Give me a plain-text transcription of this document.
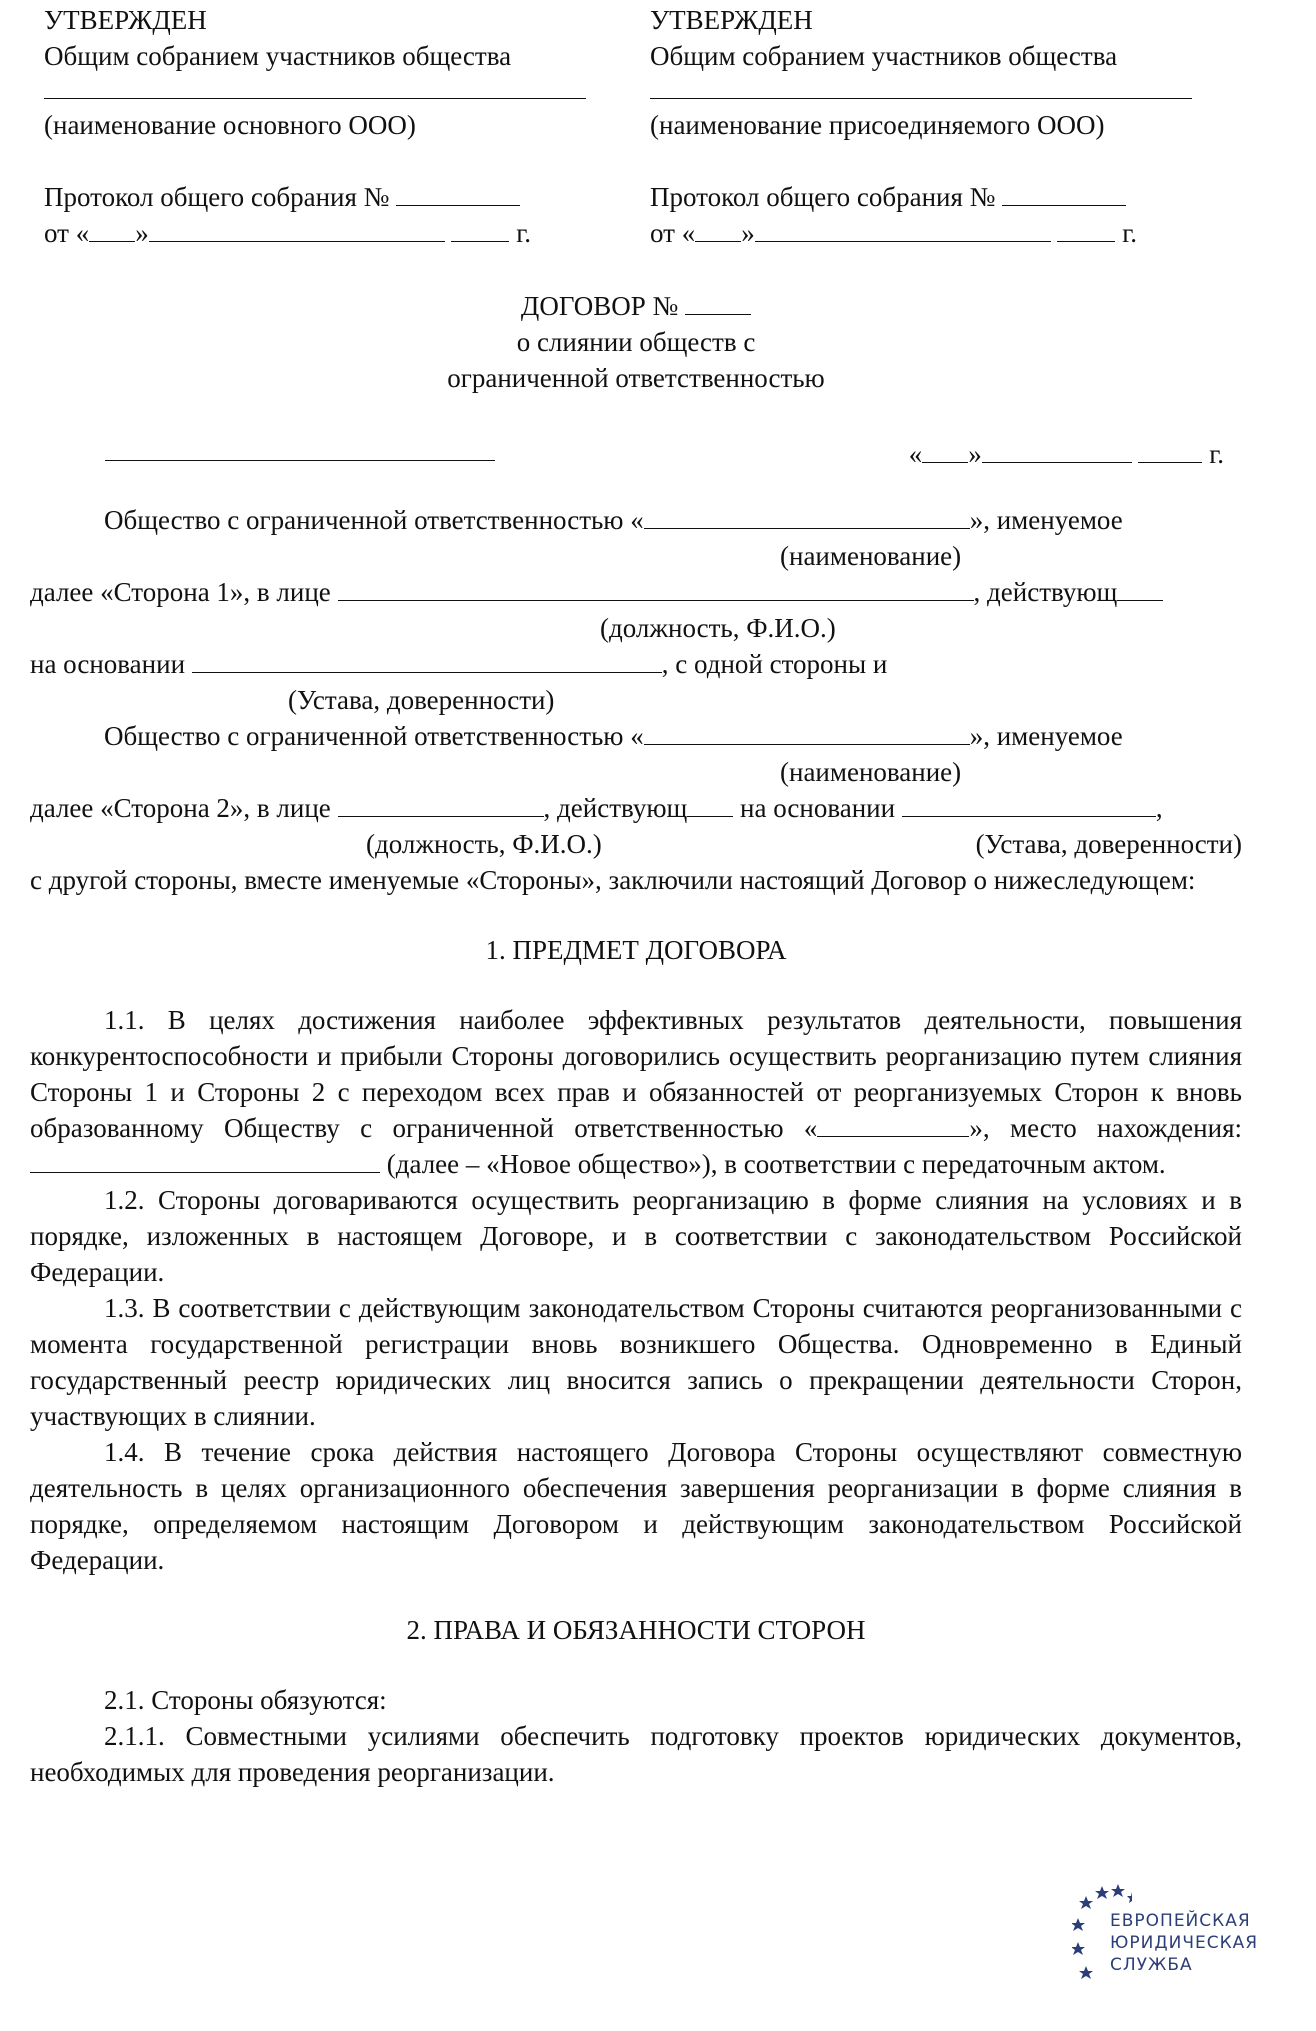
УТВЕРЖДЕН
Общим собранием участников общества
(наименование основного ООО)
Протокол общего собрания №
от « »	г.
УТВЕРЖДЕН
Общим собранием участников общества
(наименование присоединяемого ООО)
Протокол общего собрания №
от « »	г.
ДОГОВОР №
о слиянии обществ с
ограниченной ответственностью
« »	г.
Общество с ограниченной ответственностью «	», именуемое
(наименование)
далее «Сторона 1», в лице	, действующ
(должность, Ф.И.О.)
на основании	, с одной стороны и
(Устава, доверенности)
Общество с ограниченной ответственностью «	», именуемое
(наименование)
далее «Сторона 2», в лице	, действующ на основании	,
(должность, Ф.И.О.)	(Устава, доверенности)
с другой стороны, вместе именуемые «Стороны», заключили настоящий Договор о нижеследующем:
1. ПРЕДМЕТ ДОГОВОРА
1.1. В целях достижения наиболее эффективных результатов деятельности, повышения конкурентоспособности и прибыли Стороны договорились осуществить реорганизацию путем слияния Стороны 1 и Стороны 2 с переходом всех прав и обязанностей от реорганизуемых Сторон к вновь образованному Обществу с ограниченной ответственностью «	», место нахождения:  (далее – «Новое общество»), в соответствии с передаточным актом.
1.2. Стороны договариваются осуществить реорганизацию в форме слияния на условиях и в порядке, изложенных в настоящем Договоре, и в соответствии с законодательством Российской Федерации.
1.3. В соответствии с действующим законодательством Стороны считаются реорганизованными с момента государственной регистрации вновь возникшего Общества. Одновременно в Единый государственный реестр юридических лиц вносится запись о прекращении деятельности Сторон, участвующих в слиянии.
1.4. В течение срока действия настоящего Договора Стороны осуществляют совместную деятельность в целях организационного обеспечения завершения реорганизации в форме слияния в порядке, определяемом настоящим Договором и действующим законодательством Российской Федерации.
2. ПРАВА И ОБЯЗАННОСТИ СТОРОН
2.1. Стороны обязуются:
2.1.1. Совместными усилиями обеспечить подготовку проектов юридических документов, необходимых для проведения реорганизации.
ЕВРОПЕЙСКАЯ
ЮРИДИЧЕСКАЯ
СЛУЖБА
